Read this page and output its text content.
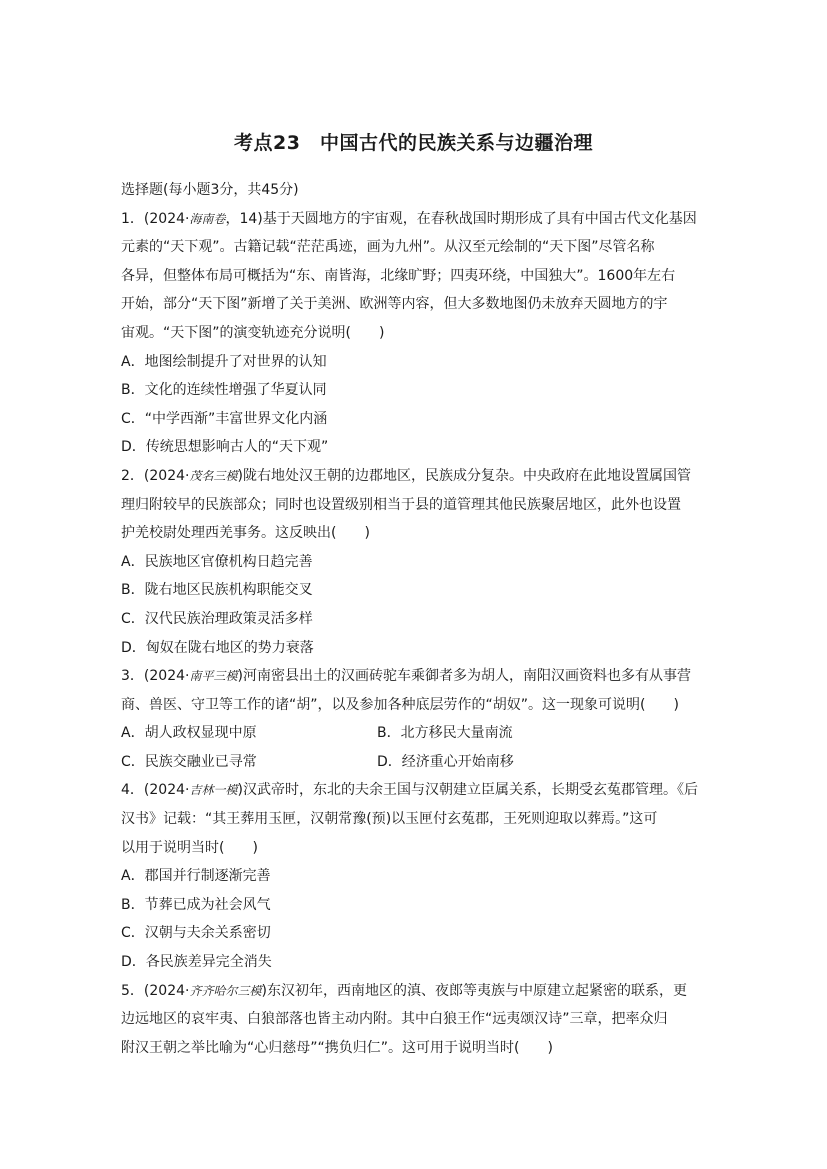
考点23　中国古代的民族关系与边疆治理
选择题(每小题3分，共45分)
1．(2024·海南卷，14)基于天圆地方的宇宙观，在春秋战国时期形成了具有中国古代文化基因
元素的“天下观”。古籍记载“茫茫禹迹，画为九州”。从汉至元绘制的“天下图”尽管名称
各异，但整体布局可概括为“东、南皆海，北缘旷野；四夷环绕，中国独大”。1600年左右
开始，部分“天下图”新增了关于美洲、欧洲等内容，但大多数地图仍未放弃天圆地方的宇
宙观。“天下图”的演变轨迹充分说明(　　)
A．地图绘制提升了对世界的认知
B．文化的连续性增强了华夏认同
C．“中学西渐”丰富世界文化内涵
D．传统思想影响古人的“天下观”
2．(2024·茂名三模)陇右地处汉王朝的边郡地区，民族成分复杂。中央政府在此地设置属国管
理归附较早的民族部众；同时也设置级别相当于县的道管理其他民族聚居地区，此外也设置
护羌校尉处理西羌事务。这反映出(　　)
A．民族地区官僚机构日趋完善
B．陇右地区民族机构职能交叉
C．汉代民族治理政策灵活多样
D．匈奴在陇右地区的势力衰落
3．(2024·南平三模)河南密县出土的汉画砖驼车乘御者多为胡人，南阳汉画资料也多有从事营
商、兽医、守卫等工作的诸“胡”，以及参加各种底层劳作的“胡奴”。这一现象可说明(　　)
A．胡人政权显现中原	B．北方移民大量南流
C．民族交融业已寻常	D．经济重心开始南移
4．(2024·吉林一模)汉武帝时，东北的夫余王国与汉朝建立臣属关系，长期受玄菟郡管理。《后
汉书》记载：“其王葬用玉匣，汉朝常豫(预)以玉匣付玄菟郡，王死则迎取以葬焉。”这可
以用于说明当时(　　)
A．郡国并行制逐渐完善
B．节葬已成为社会风气
C．汉朝与夫余关系密切
D．各民族差异完全消失
5．(2024·齐齐哈尔三模)东汉初年，西南地区的滇、夜郎等夷族与中原建立起紧密的联系，更
边远地区的哀牢夷、白狼部落也皆主动内附。其中白狼王作“远夷颂汉诗”三章，把率众归
附汉王朝之举比喻为“心归慈母”“携负归仁”。这可用于说明当时(　　)
